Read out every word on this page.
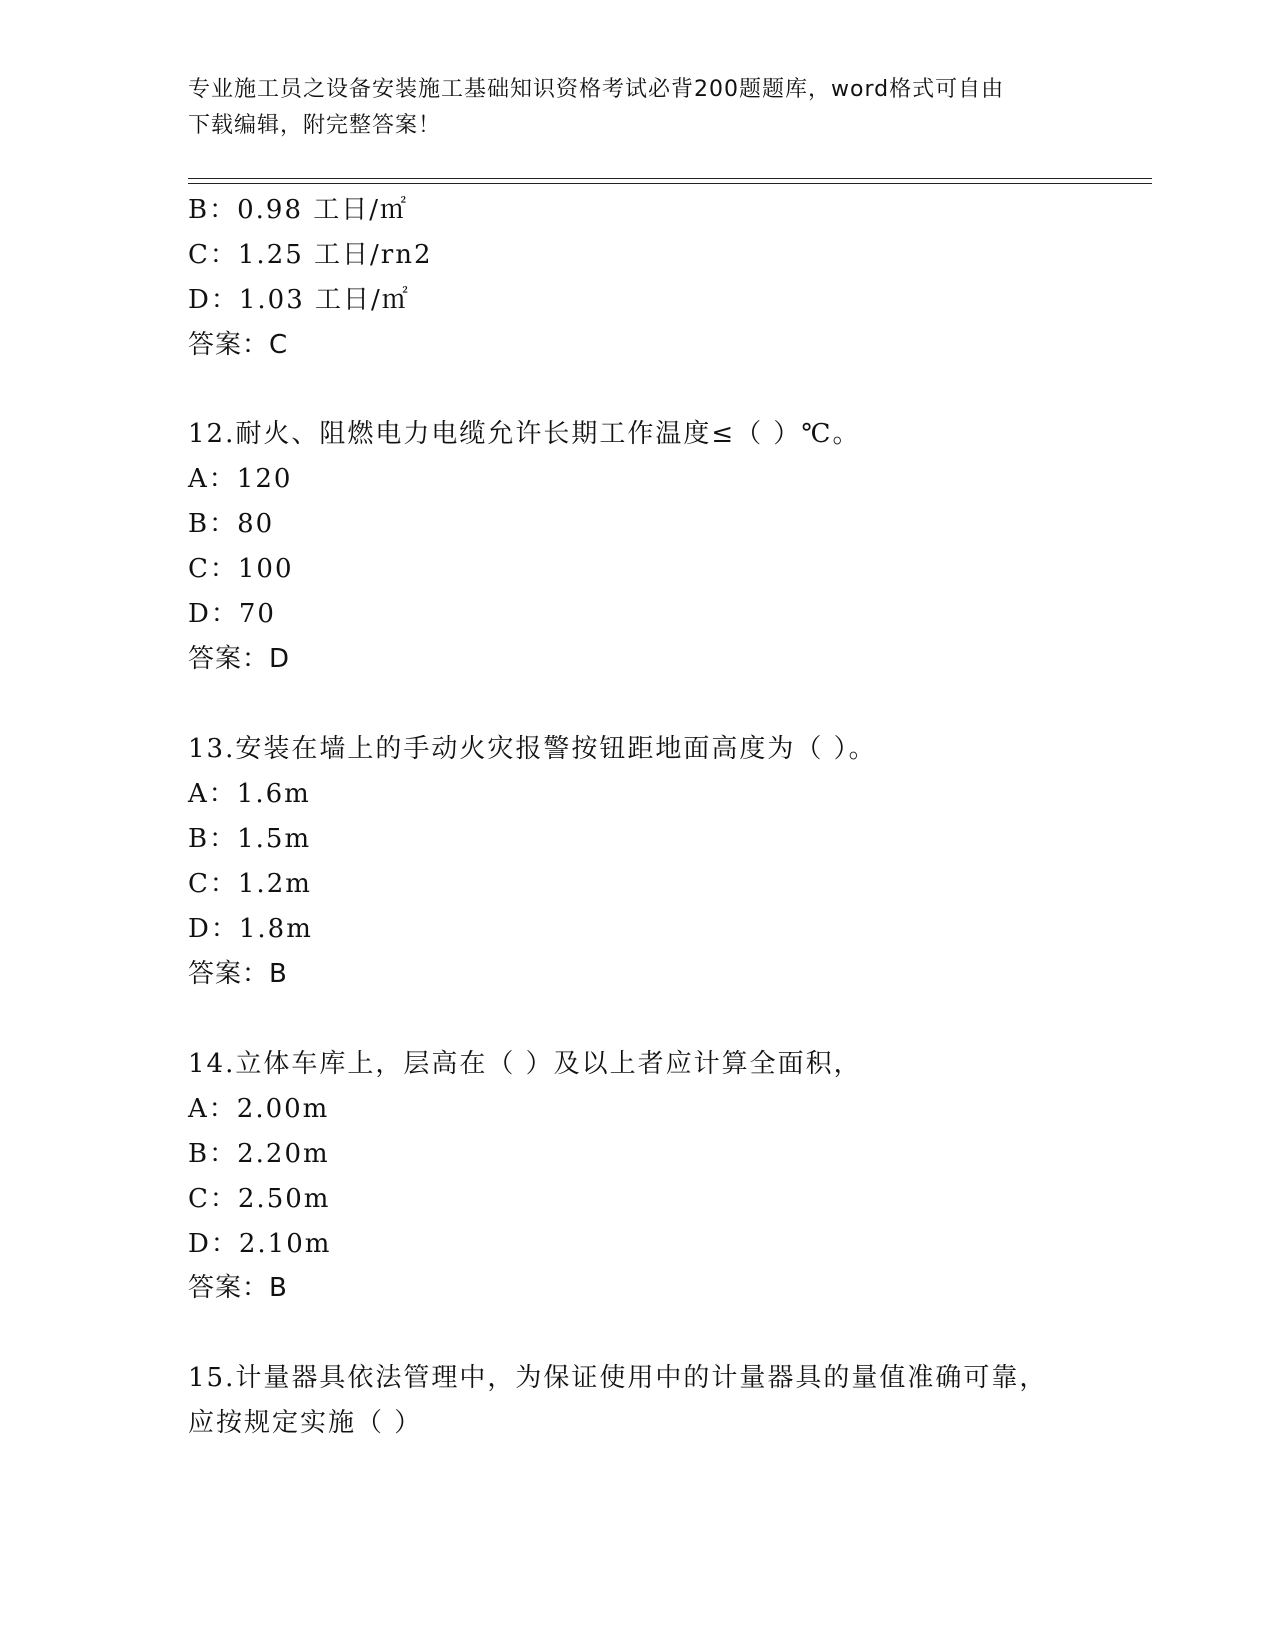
专业施工员之设备安装施工基础知识资格考试必背200题题库，word格式可自由
下载编辑，附完整答案！
B：0.98 工日/㎡
C：1.25 工日/rn2
D：1.03 工日/㎡
答案：C
12.耐火、阻燃电力电缆允许长期工作温度≤（ ）℃。
A：120
B：80
C：100
D：70
答案：D
13.安装在墙上的手动火灾报警按钮距地面高度为（ ）。
A：1.6m
B：1.5m
C：1.2m
D：1.8m
答案：B
14.立体车库上，层高在（ ）及以上者应计算全面积，
A：2.00m
B：2.20m
C：2.50m
D：2.10m
答案：B
15.计量器具依法管理中，为保证使用中的计量器具的量值准确可靠，
应按规定实施（ ）
